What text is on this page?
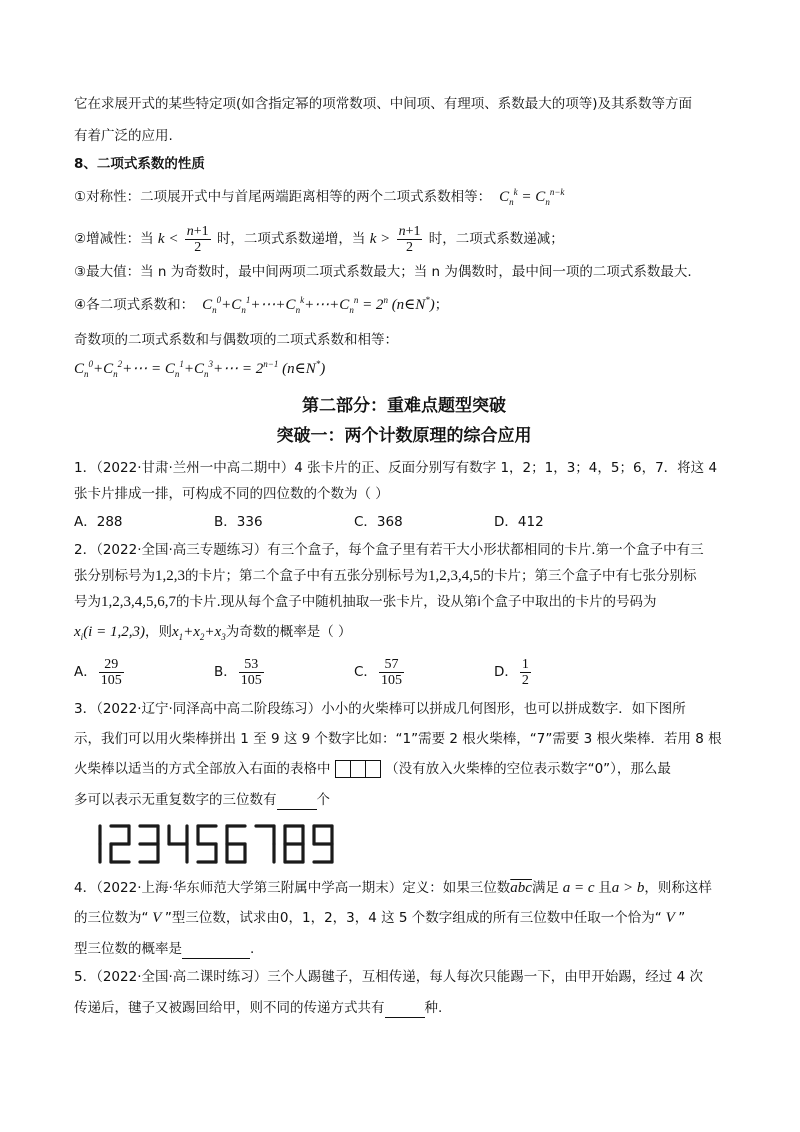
它在求展开式的某些特定项(如含指定幂的项常数项、中间项、有理项、系数最大的项等)及其系数等方面

有着广泛的应用.

8、二项式系数的性质

①对称性：二项展开式中与首尾两端距离相等的两个二项式系数相等：  $C_n^k = C_n^{n-k}$

②增减性：当 $k < \frac{n+1}{2}$ 时，二项式系数递增，当 $k > \frac{n+1}{2}$ 时，二项式系数递减；

③最大值：当 n 为奇数时，最中间两项二项式系数最大；当 n 为偶数时，最中间一项的二项式系数最大.

④各二项式系数和：  $C_n^0+C_n^1+\cdots+C_n^k+\cdots+C_n^n = 2^n$ (n∈N*)；

奇数项的二项式系数和与偶数项的二项式系数和相等：

$C_n^0+C_n^2+\cdots$ = $C_n^1+C_n^3+\cdots = 2^{n-1}$ (n∈N*)

第二部分：重难点题型突破
突破一：两个计数原理的综合应用

1．（2022·甘肃·兰州一中高二期中）4 张卡片的正、反面分别写有数字 1，2；1，3；4，5；6，7．将这 4

张卡片排成一排，可构成不同的四位数的个数为（ ）

A．288	B．336	C．368	D．412

2．（2022·全国·高三专题练习）有三个盒子，每个盒子里有若干大小形状都相同的卡片.第一个盒子中有三

张分别标号为1,2,3的卡片；第二个盒子中有五张分别标号为1,2,3,4,5的卡片；第三个盒子中有七张分别标

号为1,2,3,4,5,6,7的卡片.现从每个盒子中随机抽取一张卡片，设从第i个盒子中取出的卡片的号码为

$x_i(i = 1,2,3)$，则$x_1+x_2+x_3$为奇数的概率是（ ）

A． $\frac{29}{105}$	B． $\frac{53}{105}$	C． $\frac{57}{105}$	D． $\frac{1}{2}$

3．（2022·辽宁·同泽高中高二阶段练习）小小的火柴棒可以拼成几何图形，也可以拼成数字．如下图所

示，我们可以用火柴棒拼出 1 至 9 这 9 个数字比如：“1”需要 2 根火柴棒，“7”需要 3 根火柴棒．若用 8 根

火柴棒以适当的方式全部放入右面的表格中	（没有放入火柴棒的空位表示数字“0”），那么最

多可以表示无重复数字的三位数有	个

1

4．（2022·上海·华东师范大学第三附属中学高一期末）定义：如果三位数$\overline{abc}$满足 a = c 且a > b，则称这样

的三位数为“ V ”型三位数，试求由0，1，2，3，4 这 5 个数字组成的所有三位数中任取一个恰为“ V ”

型三位数的概率是	.

5．（2022·全国·高二课时练习）三个人踢毽子，互相传递，每人每次只能踢一下，由甲开始踢，经过 4 次

传递后，毽子又被踢回给甲，则不同的传递方式共有	种.
